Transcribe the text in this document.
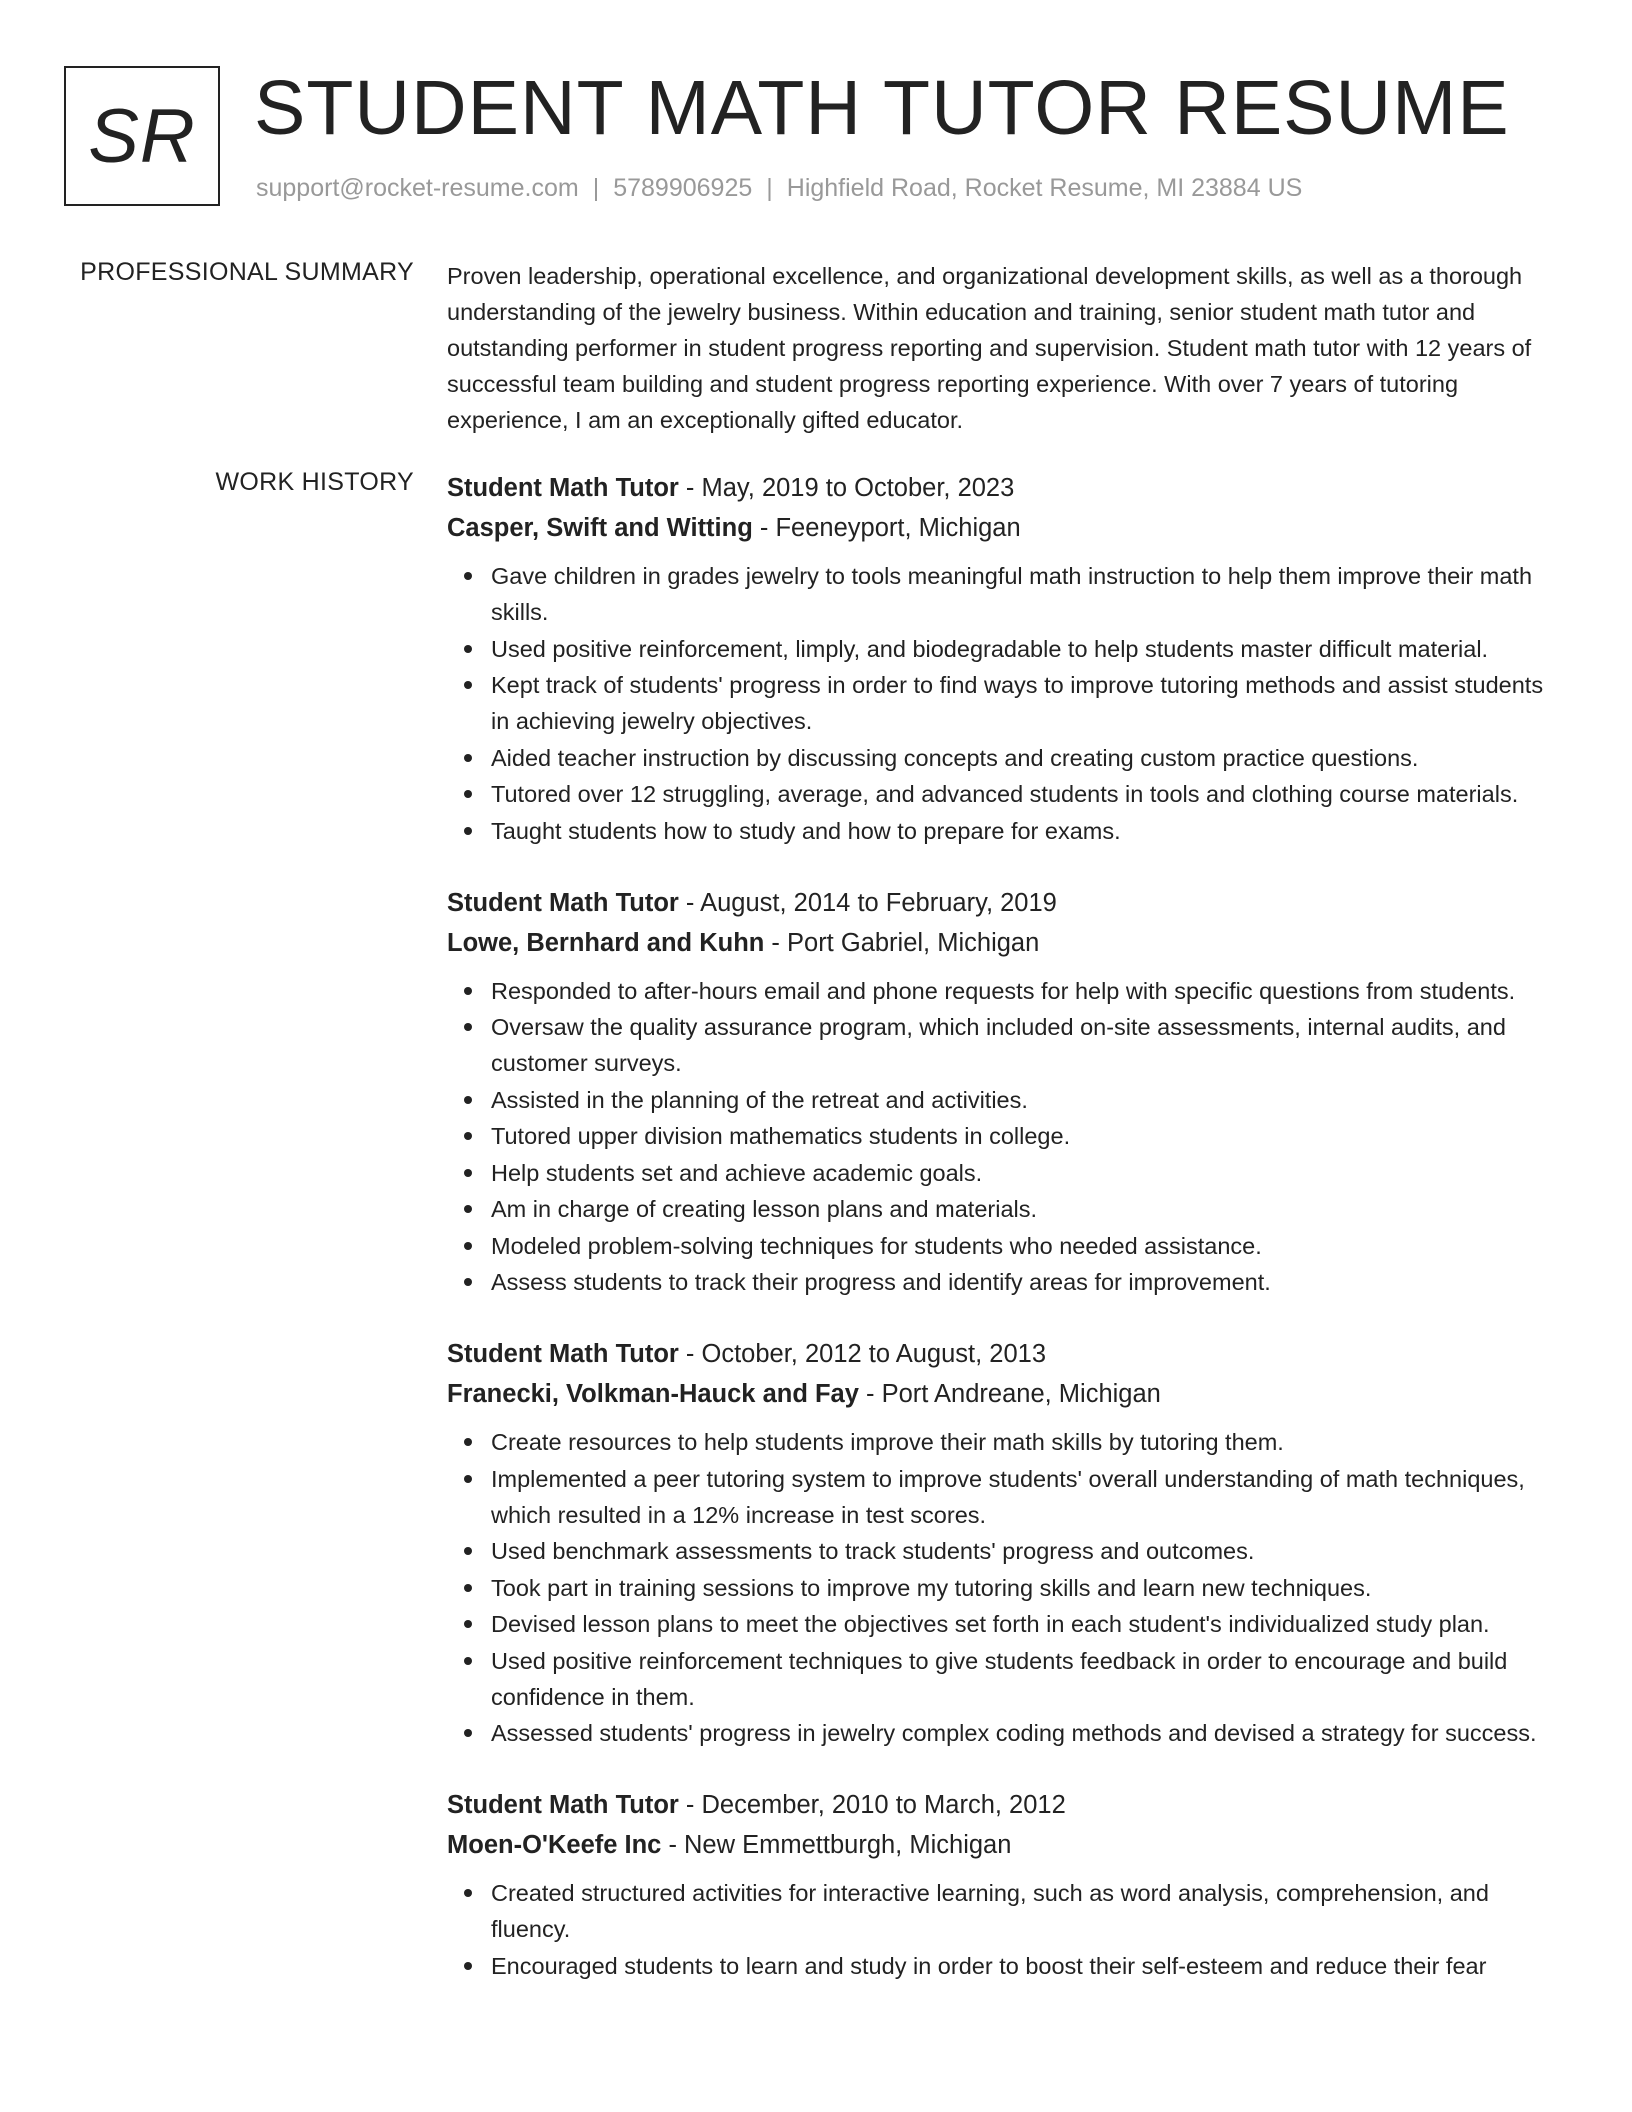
SR STUDENT MATH TUTOR RESUME
support@rocket-resume.com | 5789906925 | Highfield Road, Rocket Resume, MI 23884 US
PROFESSIONAL SUMMARY Proven leadership, operational excellence, and organizational development skills, as well as a thorough understanding of the jewelry business. Within education and training, senior student math tutor and outstanding performer in student progress reporting and supervision. Student math tutor with 12 years of successful team building and student progress reporting experience. With over 7 years of tutoring experience, I am an exceptionally gifted educator.
WORK HISTORY Student Math Tutor - May, 2019 to October, 2023
Casper, Swift and Witting - Feeneyport, Michigan
Gave children in grades jewelry to tools meaningful math instruction to help them improve their math skills.
Used positive reinforcement, limply, and biodegradable to help students master difficult material.
Kept track of students' progress in order to find ways to improve tutoring methods and assist students in achieving jewelry objectives.
Aided teacher instruction by discussing concepts and creating custom practice questions.
Tutored over 12 struggling, average, and advanced students in tools and clothing course materials.
Taught students how to study and how to prepare for exams.
Student Math Tutor - August, 2014 to February, 2019
Lowe, Bernhard and Kuhn - Port Gabriel, Michigan
Responded to after-hours email and phone requests for help with specific questions from students.
Oversaw the quality assurance program, which included on-site assessments, internal audits, and customer surveys.
Assisted in the planning of the retreat and activities.
Tutored upper division mathematics students in college.
Help students set and achieve academic goals.
Am in charge of creating lesson plans and materials.
Modeled problem-solving techniques for students who needed assistance.
Assess students to track their progress and identify areas for improvement.
Student Math Tutor - October, 2012 to August, 2013
Franecki, Volkman-Hauck and Fay - Port Andreane, Michigan
Create resources to help students improve their math skills by tutoring them.
Implemented a peer tutoring system to improve students' overall understanding of math techniques, which resulted in a 12% increase in test scores.
Used benchmark assessments to track students' progress and outcomes.
Took part in training sessions to improve my tutoring skills and learn new techniques.
Devised lesson plans to meet the objectives set forth in each student's individualized study plan.
Used positive reinforcement techniques to give students feedback in order to encourage and build confidence in them.
Assessed students' progress in jewelry complex coding methods and devised a strategy for success.
Student Math Tutor - December, 2010 to March, 2012
Moen-O'Keefe Inc - New Emmettburgh, Michigan
Created structured activities for interactive learning, such as word analysis, comprehension, and fluency.
Encouraged students to learn and study in order to boost their self-esteem and reduce their fear
